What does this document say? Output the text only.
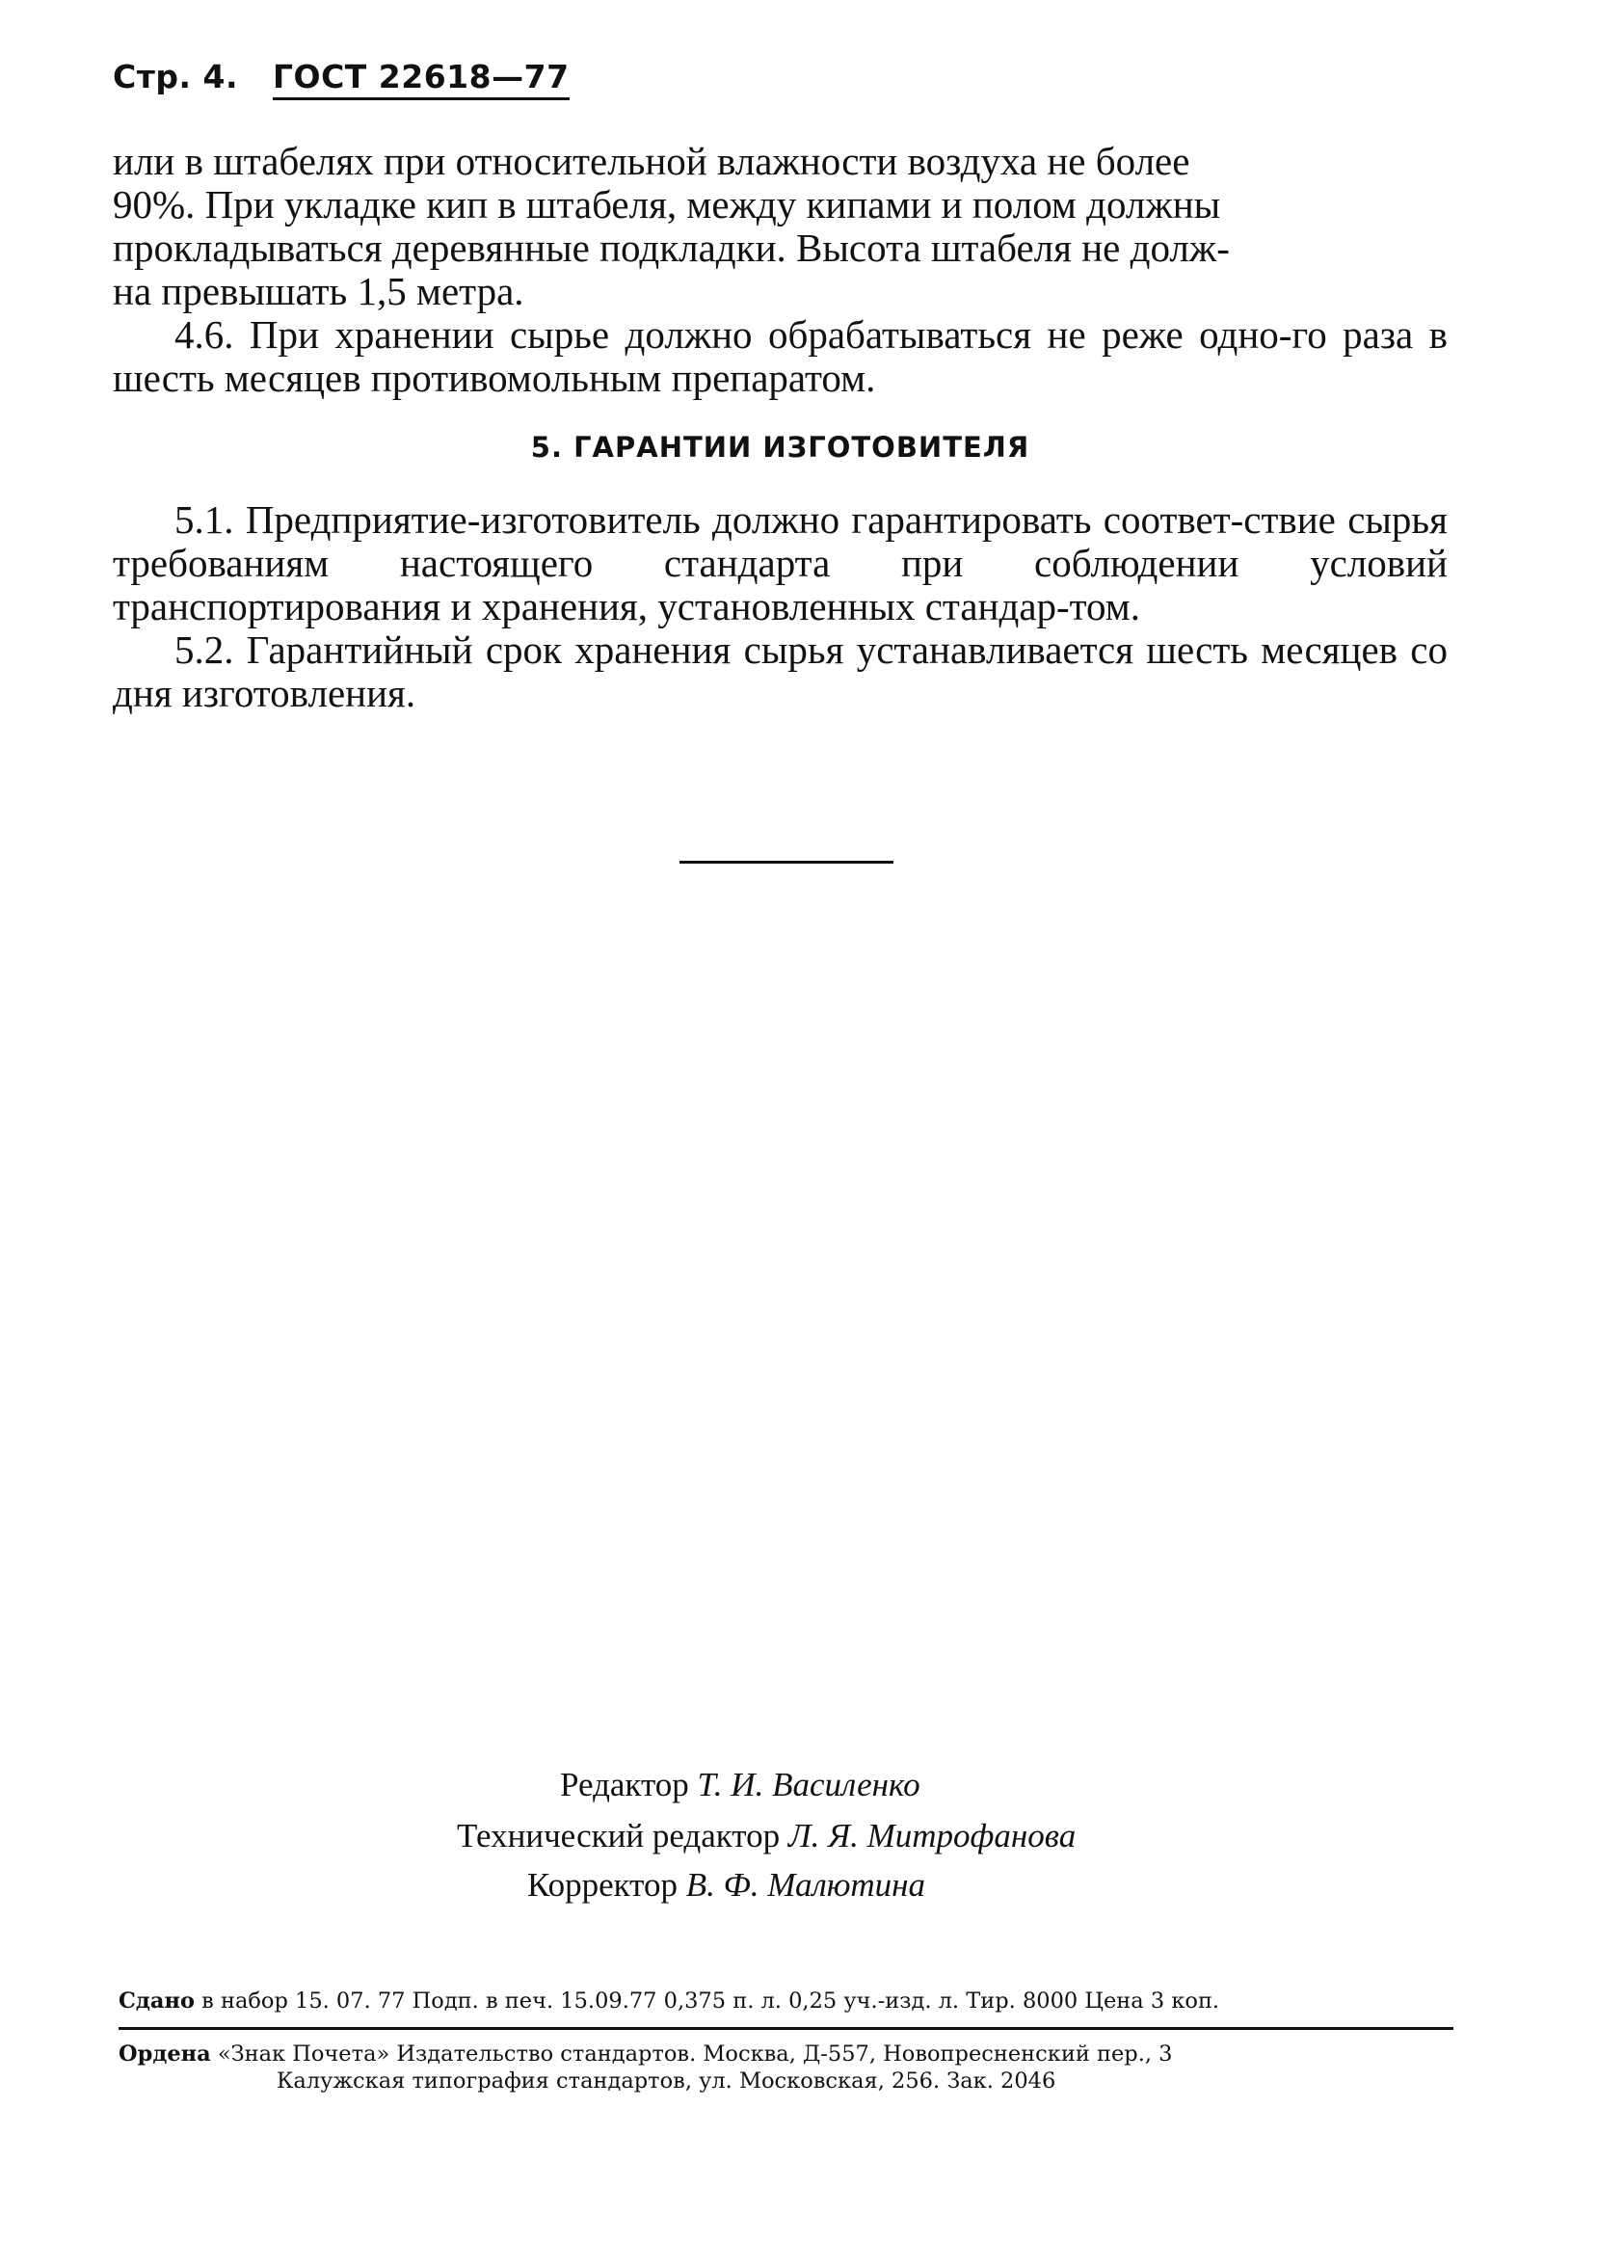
Стр. 4. ГОСТ 22618—77

или в штабелях при относительной влажности воздуха не более

90%. При укладке кип в штабеля, между кипами и полом должны

прокладываться деревянные подкладки. Высота штабеля не долж-

на превышать 1,5 метра.

4.6. При хранении сырье должно обрабатываться не реже одно-го раза в шесть месяцев противомольным препаратом.

5. ГАРАНТИИ ИЗГОТОВИТЕЛЯ

5.1. Предприятие-изготовитель должно гарантировать соответ-ствие сырья требованиям настоящего стандарта при соблюдении условий транспортирования и хранения, установленных стандар-том.

5.2. Гарантийный срок хранения сырья устанавливается шесть месяцев со дня изготовления.

Редактор Т. И. Василенко
Технический редактор Л. Я. Митрофанова
Корректор В. Ф. Малютина
Сдано в набор 15. 07. 77 Подп. в печ. 15.09.77 0,375 п. л. 0,25 уч.-изд. л. Тир. 8000 Цена 3 коп.
Ордена «Знак Почета» Издательство стандартов. Москва, Д-557, Новопресненский пер., 3
Калужская типография стандартов, ул. Московская, 256. Зак. 2046
